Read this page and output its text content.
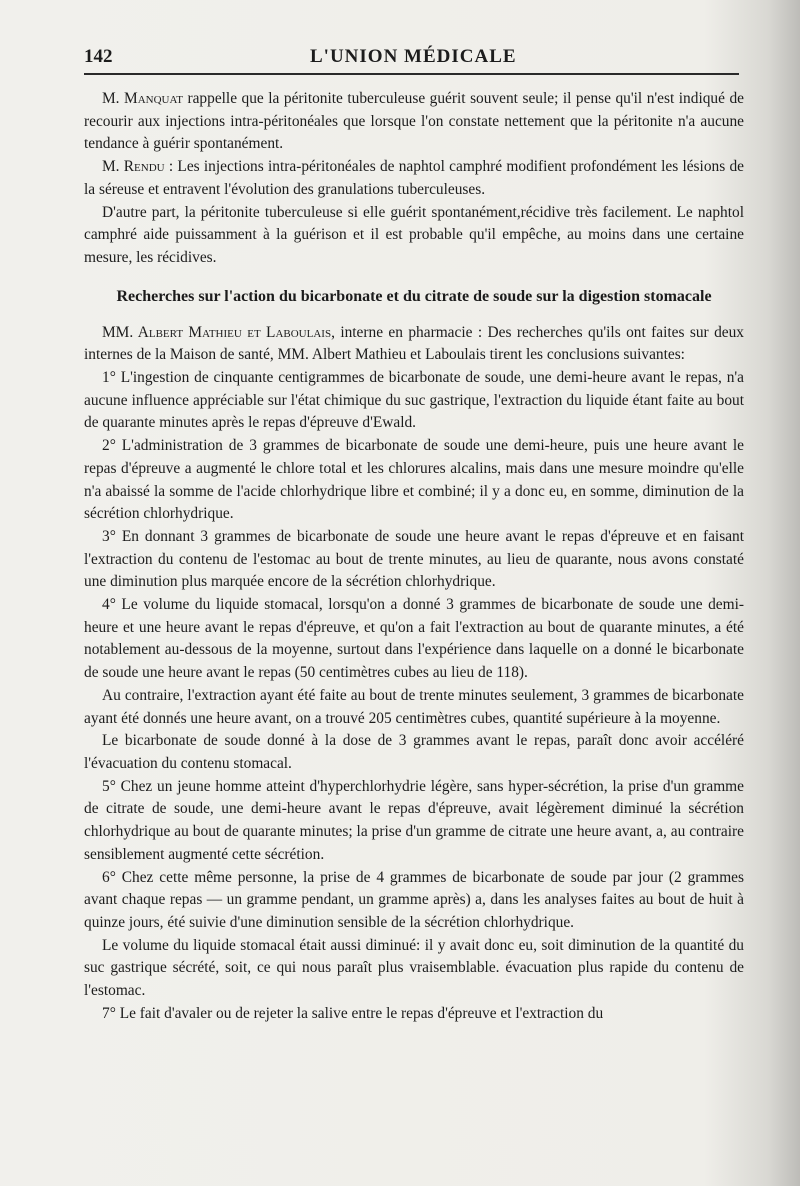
142	L'UNION MÉDICALE

M. Manquat rappelle que la péritonite tuberculeuse guérit souvent seule; il pense qu'il n'est indiqué de recourir aux injections intra-péritonéales que lorsque l'on constate nettement que la péritonite n'a aucune tendance à guérir spontanément.

M. Rendu : Les injections intra-péritonéales de naphtol camphré modifient profondément les lésions de la séreuse et entravent l'évolution des granulations tuberculeuses.

D'autre part, la péritonite tuberculeuse si elle guérit spontanément,récidive très facilement. Le naphtol camphré aide puissamment à la guérison et il est probable qu'il empêche, au moins dans une certaine mesure, les récidives.

Recherches sur l'action du bicarbonate et du citrate de soude sur la digestion stomacale

MM. Albert Mathieu et Laboulais, interne en pharmacie : Des recherches qu'ils ont faites sur deux internes de la Maison de santé, MM. Albert Mathieu et Laboulais tirent les conclusions suivantes:

1° L'ingestion de cinquante centigrammes de bicarbonate de soude, une demi-heure avant le repas, n'a aucune influence appréciable sur l'état chimique du suc gastrique, l'extraction du liquide étant faite au bout de quarante minutes après le repas d'épreuve d'Ewald.

2° L'administration de 3 grammes de bicarbonate de soude une demi-heure, puis une heure avant le repas d'épreuve a augmenté le chlore total et les chlorures alcalins, mais dans une mesure moindre qu'elle n'a abaissé la somme de l'acide chlorhydrique libre et combiné; il y a donc eu, en somme, diminution de la sécrétion chlorhydrique.

3° En donnant 3 grammes de bicarbonate de soude une heure avant le repas d'épreuve et en faisant l'extraction du contenu de l'estomac au bout de trente minutes, au lieu de quarante, nous avons constaté une diminution plus marquée encore de la sécrétion chlorhydrique.

4° Le volume du liquide stomacal, lorsqu'on a donné 3 grammes de bicarbonate de soude une demi-heure et une heure avant le repas d'épreuve, et qu'on a fait l'extraction au bout de quarante minutes, a été notablement au-dessous de la moyenne, surtout dans l'expérience dans laquelle on a donné le bicarbonate de soude une heure avant le repas (50 centimètres cubes au lieu de 118).

Au contraire, l'extraction ayant été faite au bout de trente minutes seulement, 3 grammes de bicarbonate ayant été donnés une heure avant, on a trouvé 205 centimètres cubes, quantité supérieure à la moyenne.

Le bicarbonate de soude donné à la dose de 3 grammes avant le repas, paraît donc avoir accéléré l'évacuation du contenu stomacal.

5° Chez un jeune homme atteint d'hyperchlorhydrie légère, sans hyper-sécrétion, la prise d'un gramme de citrate de soude, une demi-heure avant le repas d'épreuve, avait légèrement diminué la sécrétion chlorhydrique au bout de quarante minutes; la prise d'un gramme de citrate une heure avant, a, au contraire sensiblement augmenté cette sécrétion.

6° Chez cette même personne, la prise de 4 grammes de bicarbonate de soude par jour (2 grammes avant chaque repas — un gramme pendant, un gramme après) a, dans les analyses faites au bout de huit à quinze jours, été suivie d'une diminution sensible de la sécrétion chlorhydrique.

Le volume du liquide stomacal était aussi diminué: il y avait donc eu, soit diminution de la quantité du suc gastrique sécrété, soit, ce qui nous paraît plus vraisemblable. évacuation plus rapide du contenu de l'estomac.

7° Le fait d'avaler ou de rejeter la salive entre le repas d'épreuve et l'extraction du
